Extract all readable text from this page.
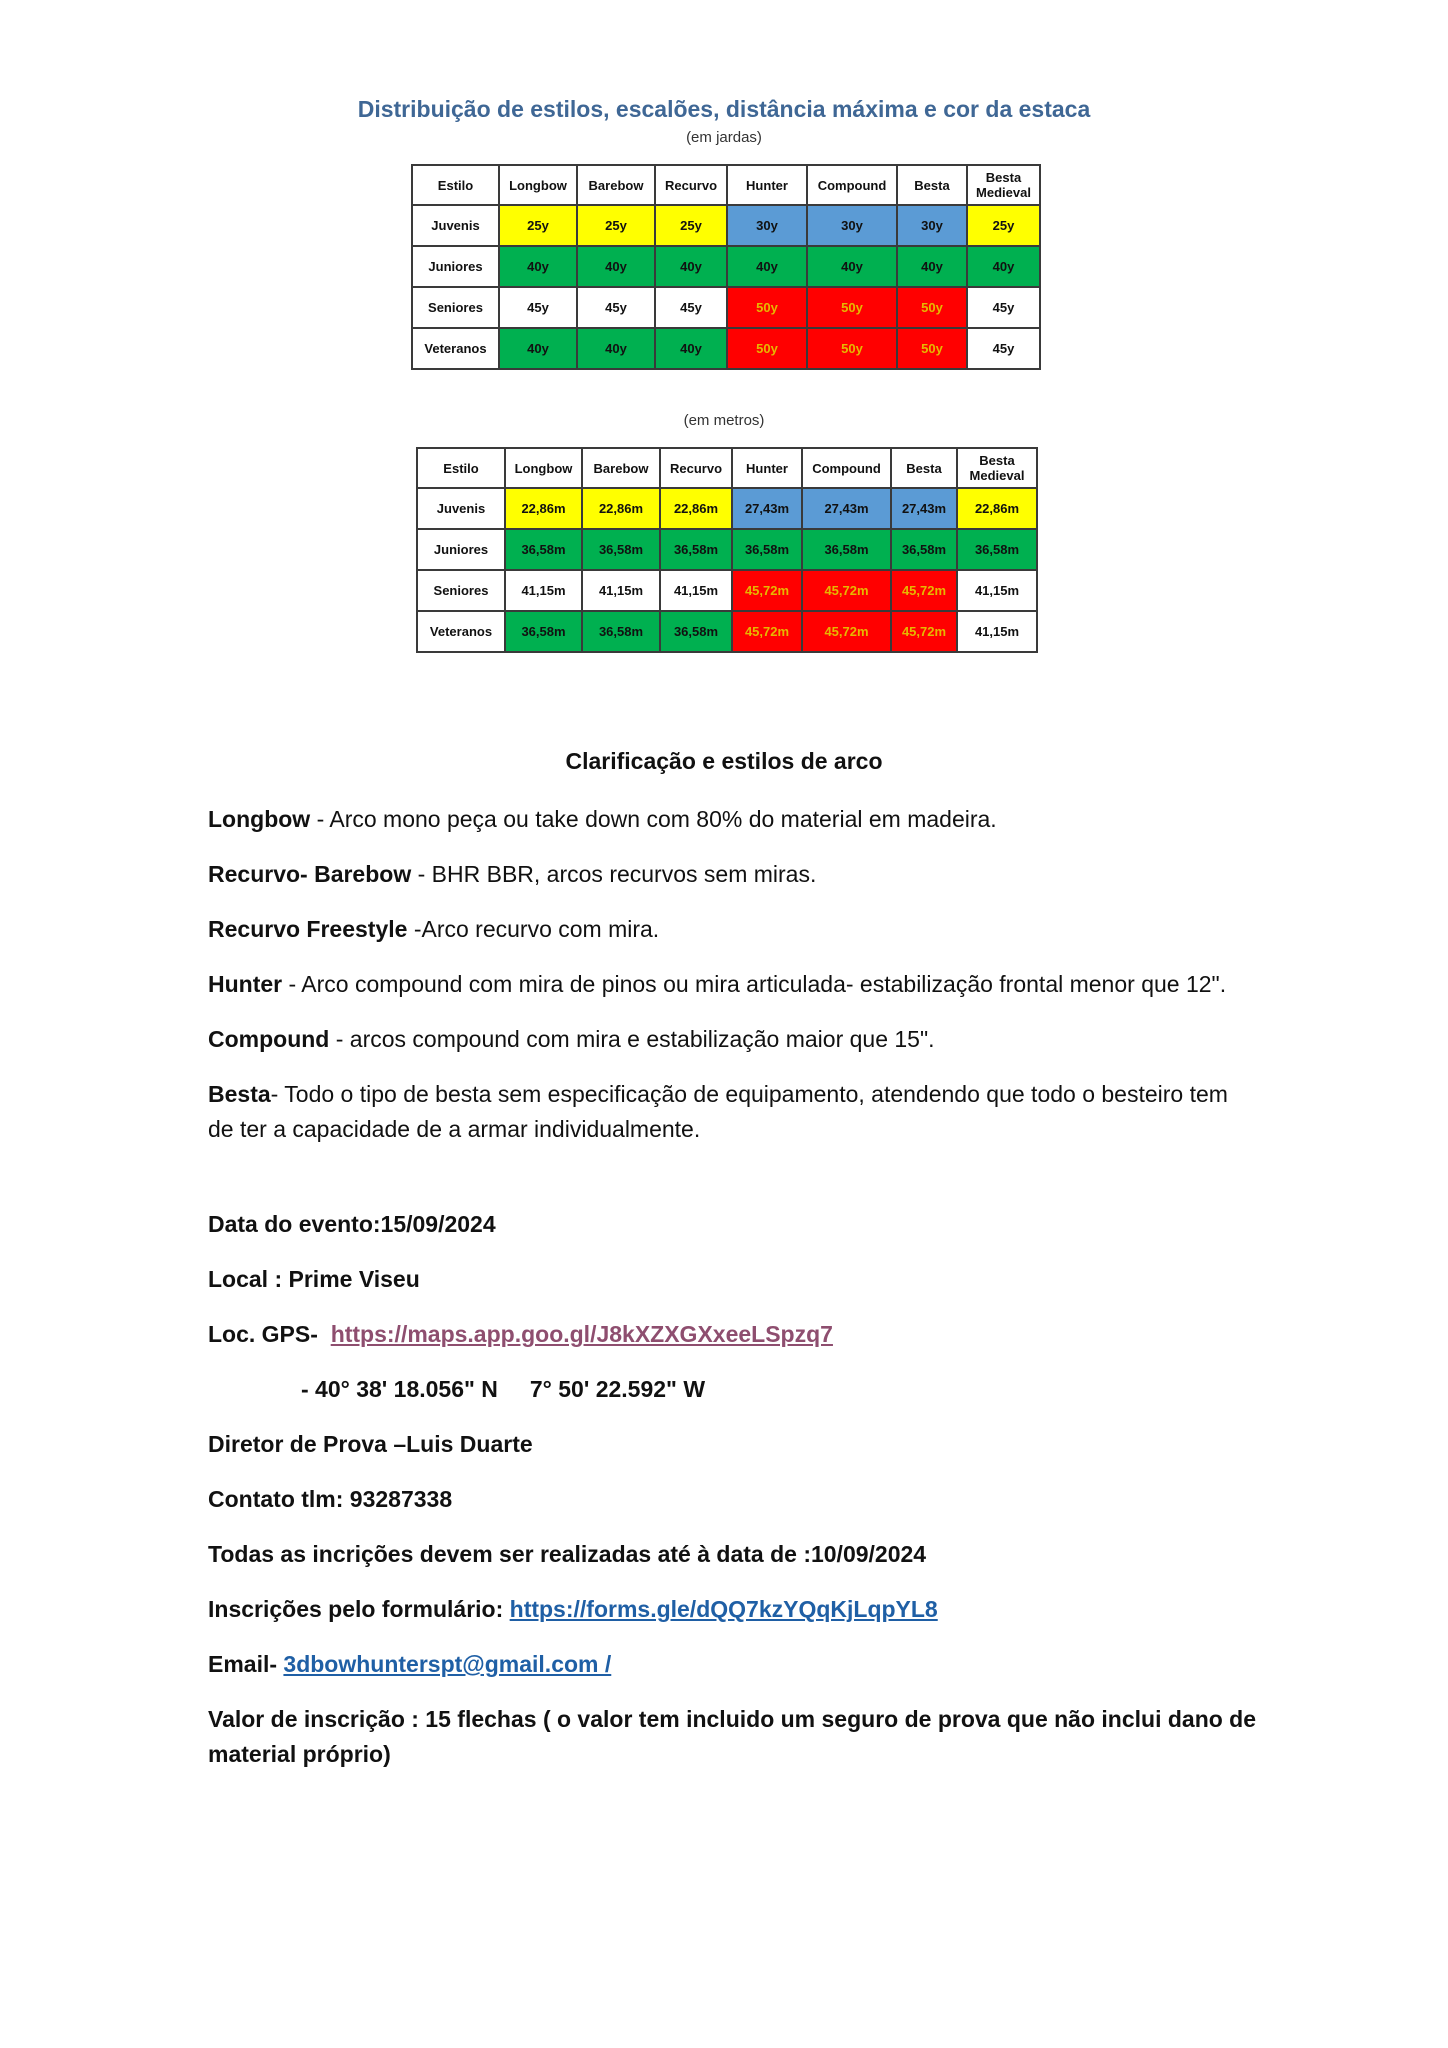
Distribuição de estilos, escalões, distância máxima e cor da estaca
(em jardas)
Estilo	Longbow	Barebow	Recurvo	Hunter	Compound	Besta	Besta Medieval
Juvenis	25y	25y	25y	30y	30y	30y	25y
Juniores	40y	40y	40y	40y	40y	40y	40y
Seniores	45y	45y	45y	50y	50y	50y	45y
Veteranos	40y	40y	40y	50y	50y	50y	45y
(em metros)
Estilo	Longbow	Barebow	Recurvo	Hunter	Compound	Besta	Besta Medieval
Juvenis	22,86m	22,86m	22,86m	27,43m	27,43m	27,43m	22,86m
Juniores	36,58m	36,58m	36,58m	36,58m	36,58m	36,58m	36,58m
Seniores	41,15m	41,15m	41,15m	45,72m	45,72m	45,72m	41,15m
Veteranos	36,58m	36,58m	36,58m	45,72m	45,72m	45,72m	41,15m
Clarificação e estilos de arco

Longbow - Arco mono peça ou take down com 80% do material em madeira.

Recurvo- Barebow - BHR BBR, arcos recurvos sem miras.

Recurvo Freestyle -Arco recurvo com mira.

Hunter - Arco compound com mira de pinos ou mira articulada- estabilização frontal menor que 12".

Compound - arcos compound com mira e estabilização maior que 15".

Besta- Todo o tipo de besta sem especificação de equipamento, atendendo que todo o besteiro tem de ter a capacidade de a armar individualmente.

Data do evento:15/09/2024

Local : Prime Viseu

Loc. GPS- https://maps.app.goo.gl/J8kXZXGXxeeLSpzq7

- 40° 38' 18.056" N     7° 50' 22.592" W

Diretor de Prova –Luis Duarte

Contato tlm: 93287338

Todas as incrições devem ser realizadas até à data de :10/09/2024

Inscrições pelo formulário: https://forms.gle/dQQ7kzYQqKjLqpYL8

Email- 3dbowhunterspt@gmail.com /

Valor de inscrição : 15 flechas ( o valor tem incluido um seguro de prova que não inclui dano de material próprio)
